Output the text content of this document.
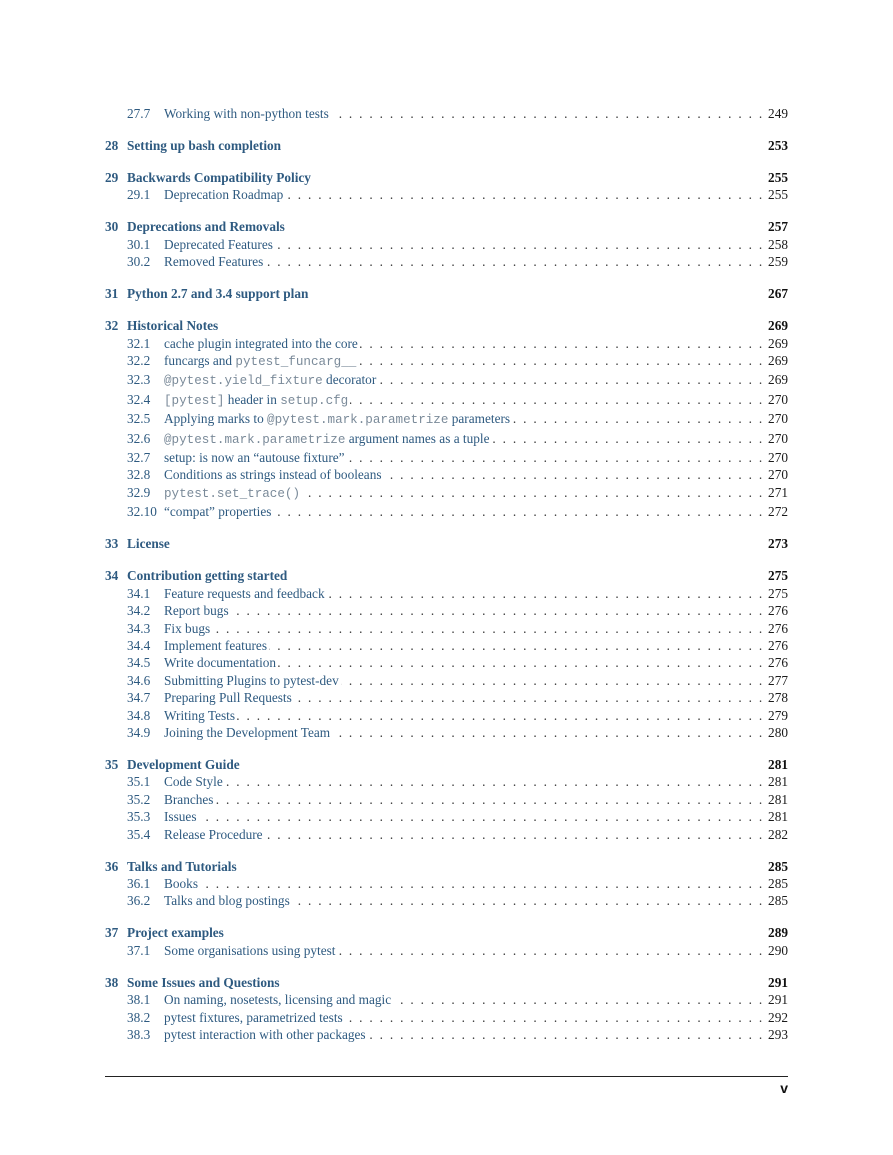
27.7	Working with non-python tests . . .	249
28 Setting up bash completion	253
29 Backwards Compatibility Policy	255
29.1	Deprecation Roadmap . . .	255
30 Deprecations and Removals	257
30.1	Deprecated Features . . .	258
30.2	Removed Features . . .	259
31 Python 2.7 and 3.4 support plan	267
32 Historical Notes	269
32.1	cache plugin integrated into the core . . .	269
32.2	funcargs and pytest_funcarg__ . . .	269
32.3	@pytest.yield_fixture decorator . . .	269
32.4	[pytest] header in setup.cfg . . .	270
32.5	Applying marks to @pytest.mark.parametrize parameters . . .	270
32.6	@pytest.mark.parametrize argument names as a tuple . . .	270
32.7	setup: is now an “autouse fixture” . . .	270
32.8	Conditions as strings instead of booleans . . .	270
32.9	pytest.set_trace() . . .	271
32.10 “compat” properties . . .	272
33 License	273
34 Contribution getting started	275
34.1	Feature requests and feedback . . .	275
34.2	Report bugs . . .	276
34.3	Fix bugs . . .	276
34.4	Implement features . . .	276
34.5	Write documentation . . .	276
34.6	Submitting Plugins to pytest-dev . . .	277
34.7	Preparing Pull Requests . . .	278
34.8	Writing Tests . . .	279
34.9	Joining the Development Team . . .	280
35 Development Guide	281
35.1	Code Style . . .	281
35.2	Branches . . .	281
35.3	Issues . . .	281
35.4	Release Procedure . . .	282
36 Talks and Tutorials	285
36.1	Books . . .	285
36.2	Talks and blog postings . . .	285
37 Project examples	289
37.1	Some organisations using pytest . . .	290
38 Some Issues and Questions	291
38.1	On naming, nosetests, licensing and magic . . .	291
38.2	pytest fixtures, parametrized tests . . .	292
38.3	pytest interaction with other packages . . .	293
v
